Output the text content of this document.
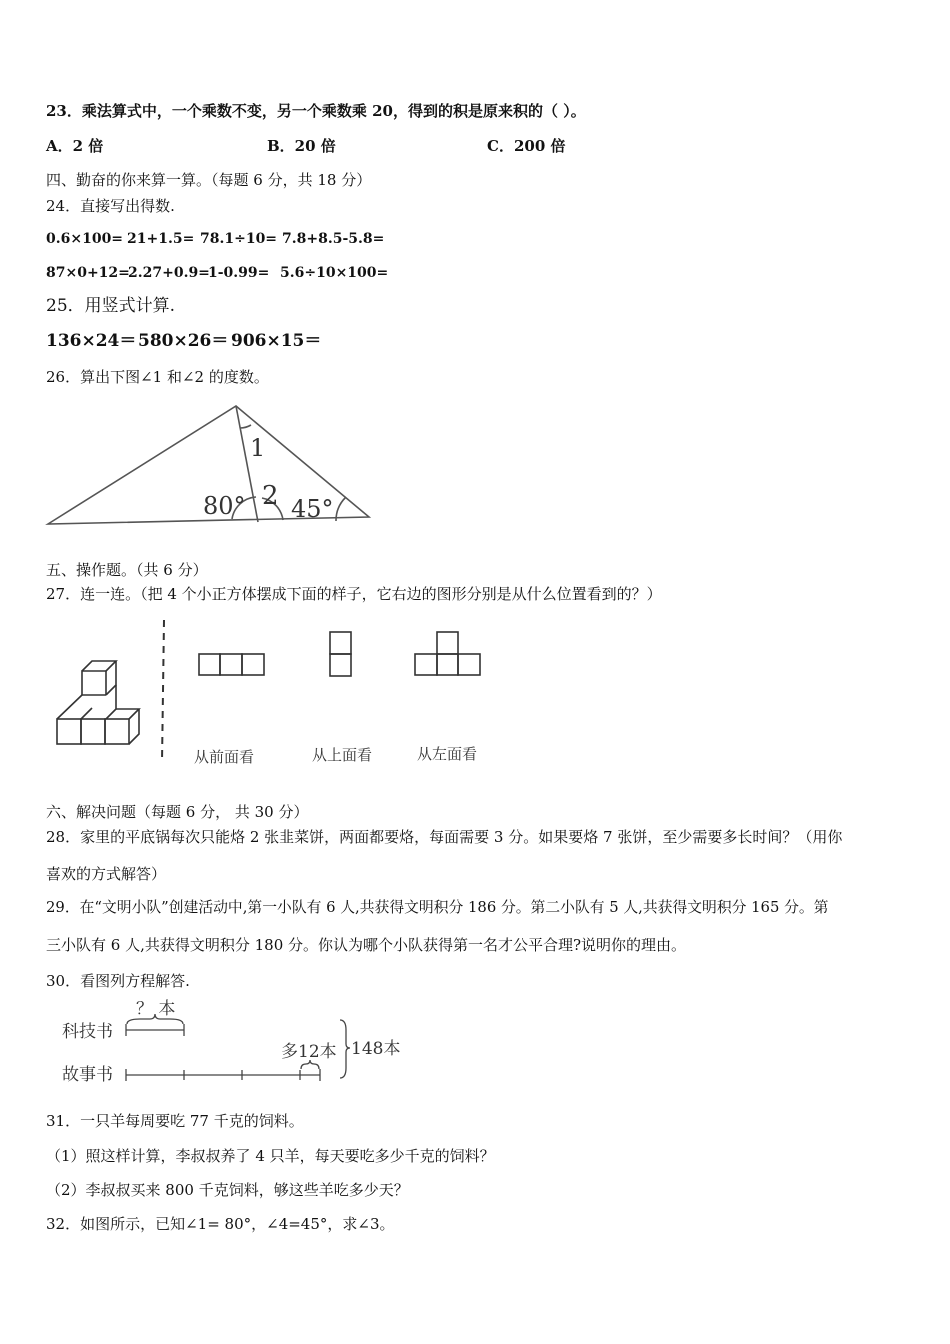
23．乘法算式中，一个乘数不变，另一个乘数乘 20，得到的积是原来积的（ ）。
A．2 倍	B．20 倍	C．200 倍
四、勤奋的你来算一算。（每题 6 分，共 18 分）
24．直接写出得数.
0.6×100= 21+1.5= 78.1÷10= 7.8+8.5-5.8=
87×0+12=
2.27+0.9=
1-0.99= 5.6÷10×100=
25．用竖式计算.
136×24＝ 580×26＝ 906×15＝
26．算出下图∠1 和∠2 的度数。
1
80° 2 45°
五、操作题。（共 6 分）
27．连一连。（把 4 个小正方体摆成下面的样子，它右边的图形分别是从什么位置看到的？）
从前面看	从上面看	从左面看
六、解决问题（每题 6 分， 共 30 分）
28．家里的平底锅每次只能烙 2 张韭菜饼，两面都要烙，每面需要 3 分。如果要烙 7 张饼，至少需要多长时间？（用你
喜欢的方式解答）
29．在“文明小队”创建活动中,第一小队有 6 人,共获得文明积分 186 分。第二小队有 5 人,共获得文明积分 165 分。第
三小队有 6 人,共获得文明积分 180 分。你认为哪个小队获得第一名才公平合理?说明你的理由。
30．看图列方程解答.
科技书
故事书
？ 本
多12本 148本
31．一只羊每周要吃 77 千克的饲料。
（1）照这样计算，李叔叔养了 4 只羊，每天要吃多少千克的饲料？
（2）李叔叔买来 800 千克饲料，够这些羊吃多少天？
32．如图所示，已知∠1= 80°，∠4=45°，求∠3。
